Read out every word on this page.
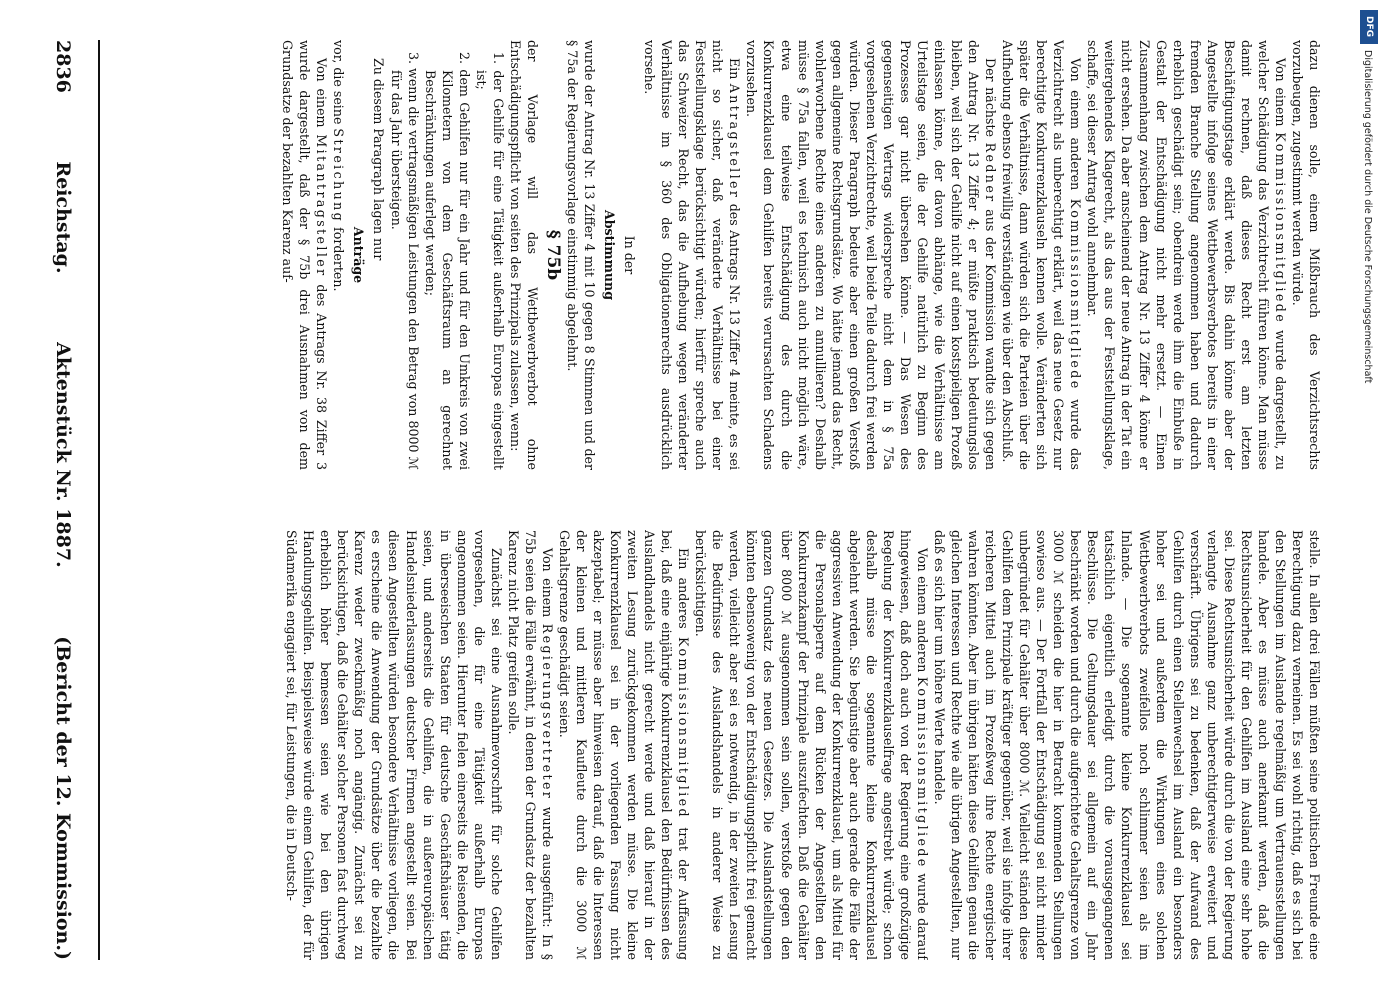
dazu dienen solle, einem Mißbrauch des Verzichtsrechts vorzubeugen, zugestimmt werden würde.

Von einem Kommissionsmitgliede wurde dargestellt, zu welcher Schädigung das Verzichtrecht führen könne. Man müsse damit rechnen, daß dieses Recht erst am letzten Beschäftigungstage erklärt werde. Bis dahin könne aber der Angestellte infolge seines Wettbewerbsverbotes bereits in einer fremden Branche Stellung angenommen haben und dadurch erheblich geschädigt sein; obendrein werde ihm die Einbuße in Gestalt der Entschädigung nicht mehr ersetzt. — Einen Zusammenhang zwischen dem Antrag Nr. 13 Ziffer 4 könne er nicht ersehen. Da aber anscheinend der neue Antrag in der Tat ein weitergehendes Klagerecht, als das aus der Feststellungsklage, schaffe, sei dieser Antrag wohl annehmbar.

Von einem anderen Kommissionsmitgliede wurde das Verzichtrecht als unberechtigt erklärt, weil das neue Gesetz nur berechtigte Konkurrenzklauseln kennen wolle. Veränderten sich später die Verhältnisse, dann würden sich die Parteien über die Aufhebung ebenso freiwillig verständigen wie über den Abschluß.

Der nächste Redner aus der Kommission wandte sich gegen den Antrag Nr. 13 Ziffer 4; er müßte praktisch bedeutungslos bleiben, weil sich der Gehilfe nicht auf einen kostspieligen Prozeß einlassen könne, der davon abhänge, wie die Verhältnisse am Urteilstage seien, die der Gehilfe natürlich zu Beginn des Prozesses gar nicht übersehen könne. — Das Wesen des gegenseitigen Vertrags widerspreche nicht dem in § 75a vorgesehenen Verzichtrechte, weil beide Teile dadurch frei werden würden. Dieser Paragraph bedeute aber einen großen Verstoß gegen allgemeine Rechtsgrundsätze. Wo hätte jemand das Recht, wohlerworbene Rechte eines anderen zu annullieren? Deshalb müsse § 75a fallen, weil es technisch auch nicht möglich wäre, etwa eine teilweise Entschädigung des durch die Konkurrenzklausel dem Gehilfen bereits verursachten Schadens vorzusehen.

Ein Antragsteller des Antrags Nr. 13 Ziffer 4 meinte, es sei nicht so sicher, daß veränderte Verhältnisse bei einer Feststellungsklage berücksichtigt würden; hierfür spreche auch das Schweizer Recht, das die Aufhebung wegen veränderter Verhältnisse im § 360 des Obligationenrechts ausdrücklich vorsehe.

In der

Abstimmung

wurde der Antrag Nr. 13 Ziffer 4 mit 10 gegen 8 Stimmen und der § 75a der Regierungsvorlage einstimmig abgelehnt.

§ 75b

der Vorlage will das Wettbewerbverbot ohne Entschädigungspflicht von seiten des Prinzipals zulassen, wenn:

1. der Gehilfe für eine Tätigkeit außerhalb Europas eingestellt ist;

2. dem Gehilfen nur für ein Jahr und für den Umkreis von zwei Kilometern von dem Geschäftsraum an gerechnet Beschränkungen auferlegt werden;

3. wenn die vertragsmäßigen Leistungen den Betrag von 8000 ℳ für das Jahr übersteigen.

Zu diesem Paragraph lagen nur

Anträge

vor, die seine Streichung forderten.

Von einem Mitantragsteller des Antrags Nr. 38 Ziffer 3 wurde dargestellt, daß der § 75b drei Ausnahmen von dem Grundsatze der bezahlten Karenz auf-

stelle. In allen drei Fällen müßten seine politischen Freunde eine Berechtigung dazu verneinen. Es sei wohl richtig, daß es sich bei den Stellungen im Auslande regelmäßig um Vertrauensstellungen handele. Aber es müsse auch anerkannt werden, daß die Rechtsunsicherheit für den Gehilfen im Ausland eine sehr hohe sei. Diese Rechtsunsicherheit würde durch die von der Regierung verlangte Ausnahme ganz unberechtigterweise erweitert und verschärft. Übrigens sei zu bedenken, daß der Aufwand des Gehilfen durch einen Stellenwechsel im Ausland ein besonders hoher sei und außerdem die Wirkungen eines solchen Wettbewerbverbots zweifellos noch schlimmer seien als im Inlande. — Die sogenannte kleine Konkurrenzklausel sei tatsächlich eigentlich erledigt durch die vorausgegangenen Beschlüsse. Die Geltungsdauer sei allgemein auf ein Jahr beschränkt worden und durch die aufgerichtete Gehaltsgrenze von 3000 ℳ scheiden die hier in Betracht kommenden Stellungen sowieso aus. — Der Fortfall der Entschädigung sei nicht minder unbegründet für Gehälter über 8000 ℳ. Vielleicht ständen diese Gehilfen dem Prinzipale kräftiger gegenüber, weil sie infolge ihrer reicheren Mittel auch im Prozeßweg ihre Rechte energischer wahren könnten. Aber im übrigen hätten diese Gehilfen genau die gleichen Interessen und Rechte wie alle übrigen Angestellten, nur daß es sich hier um höhere Werte handele.

Von einem anderen Kommissionsmitgliede wurde darauf hingewiesen, daß doch auch von der Regierung eine großzügige Regelung der Konkurrenzklauselfrage angestrebt würde; schon deshalb müsse die sogenannte kleine Konkurrenzklausel abgelehnt werden. Sie begünstige aber auch gerade die Fälle der aggressiven Anwendung der Konkurrenzklausel, um als Mittel für die Personalsperre auf dem Rücken der Angestellten den Konkurrenzkampf der Prinzipale auszufechten. Daß die Gehälter über 8000 ℳ ausgenommen sein sollen, verstoße gegen den ganzen Grundsatz des neuen Gesetzes. Die Auslandstellungen könnten ebensowenig von der Entschädigungspflicht frei gemacht werden, vielleicht aber sei es notwendig, in der zweiten Lesung die Bedürfnisse des Auslandshandels in anderer Weise zu berücksichtigen.

Ein anderes Kommissionsmitglied trat der Auffassung bei, daß eine einjährige Konkurrenzklausel den Bedürfnissen des Auslandhandels nicht gerecht werde und daß hierauf in der zweiten Lesung zurückgekommen werden müsse. Die kleine Konkurrenzklausel sei in der vorliegenden Fassung nicht akzeptabel; er müsse aber hinweisen darauf, daß die Interessen der kleinen und mittleren Kaufleute durch die 3000 ℳ Gehaltsgrenze geschädigt seien.

Von einem Regierungsvertreter wurde ausgeführt: In § 75b seien die Fälle erwähnt, in denen der Grundsatz der bezahlten Karenz nicht Platz greifen solle.

Zunächst sei eine Ausnahmevorschrift für solche Gehilfen vorgesehen, die für eine Tätigkeit außerhalb Europas angenommen seien. Hierunter fielen einerseits die Reisenden, die in überseeischen Staaten für deutsche Geschäftshäuser tätig seien, und anderseits die Gehilfen, die in außereuropäischen Handelsniederlassungen deutscher Firmen angestellt seien. Bei diesen Angestellten würden besondere Verhältnisse vorliegen, die es erscheine die Anwendung der Grundsätze über die bezahlte Karenz weder zweckmäßig noch angängig. Zunächst sei zu berücksichtigen, daß die Gehälter solcher Personen fast durchweg erheblich höher bemessen seien wie bei den übrigen Handlungsgehilfen. Beispielsweise würde einem Gehilfen, der für Südamerika engagiert sei, für Leistungen, die in Deutsch-

2836
Reichstag.
Aktenstück Nr. 1887.
(Bericht der 12. Kommission.)
DFG
Digitalisierung gefördert durch die Deutsche Forschungsgemeinschaft
